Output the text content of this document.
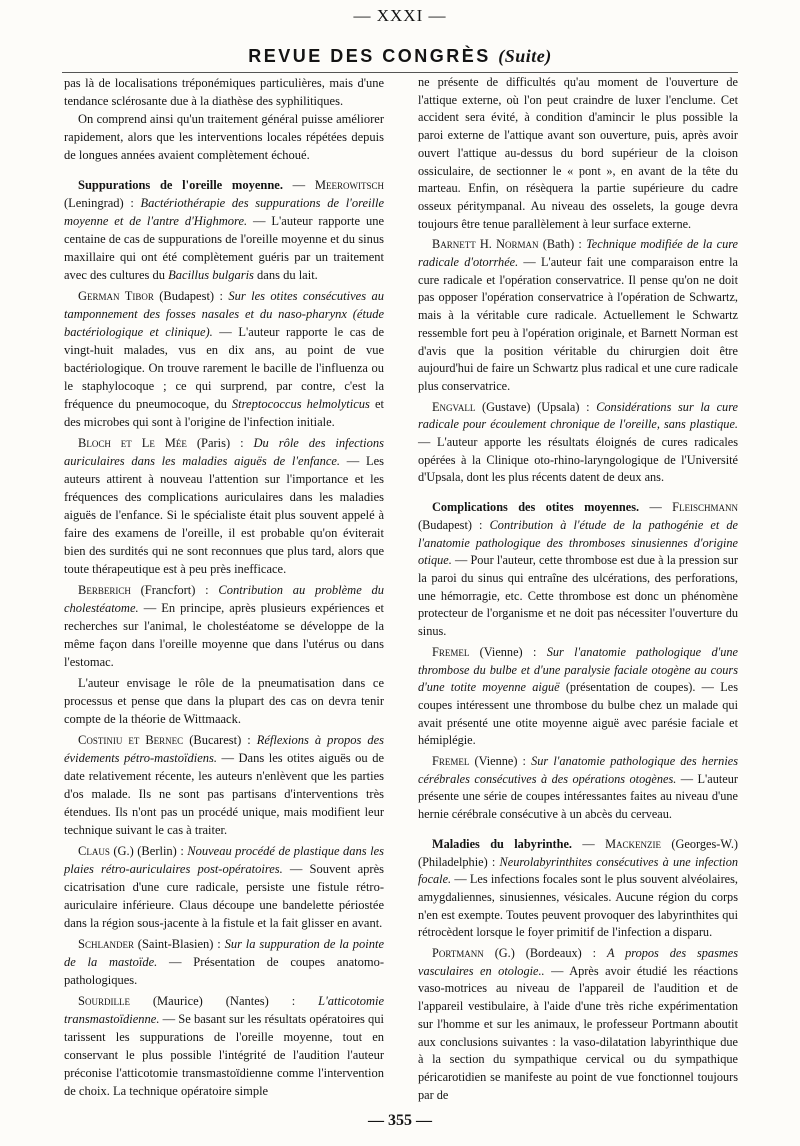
— XXXI —
REVUE DES CONGRÈS (Suite)

pas là de localisations tréponémiques particulières, mais d'une tendance sclérosante due à la diathèse des syphilitiques.

On comprend ainsi qu'un traitement général puisse améliorer rapidement, alors que les interventions locales répétées depuis de longues années avaient complètement échoué.

Suppurations de l'oreille moyenne. — Meerowitsch (Leningrad) : Bactériothérapie des suppurations de l'oreille moyenne et de l'antre d'Highmore. — L'auteur rapporte une centaine de cas de suppurations de l'oreille moyenne et du sinus maxillaire qui ont été complètement guéris par un traitement avec des cultures du Bacillus bulgaris dans du lait.

German Tibor (Budapest) : Sur les otites consécutives au tamponnement des fosses nasales et du naso-pharynx (étude bactériologique et clinique). — L'auteur rapporte le cas de vingt-huit malades, vus en dix ans, au point de vue bactériologique. On trouve rarement le bacille de l'influenza ou le staphylocoque ; ce qui surprend, par contre, c'est la fréquence du pneumocoque, du Streptococcus helmolyticus et des microbes qui sont à l'origine de l'infection initiale.

Bloch et Le Mée (Paris) : Du rôle des infections auriculaires dans les maladies aiguës de l'enfance. — Les auteurs attirent à nouveau l'attention sur l'importance et les fréquences des complications auriculaires dans les maladies aiguës de l'enfance. Si le spécialiste était plus souvent appelé à faire des examens de l'oreille, il est probable qu'on éviterait bien des surdités qui ne sont reconnues que plus tard, alors que toute thérapeutique est à peu près inefficace.

Berberich (Francfort) : Contribution au problème du cholestéatome. — En principe, après plusieurs expériences et recherches sur l'animal, le cholestéatome se développe de la même façon dans l'oreille moyenne que dans l'utérus ou dans l'estomac.

L'auteur envisage le rôle de la pneumatisation dans ce processus et pense que dans la plupart des cas on devra tenir compte de la théorie de Wittmaack.

Costiniu et Bernec (Bucarest) : Réflexions à propos des évidements pétro-mastoïdiens. — Dans les otites aiguës ou de date relativement récente, les auteurs n'enlèvent que les parties d'os malade. Ils ne sont pas partisans d'interventions très étendues. Ils n'ont pas un procédé unique, mais modifient leur technique suivant le cas à traiter.

Claus (G.) (Berlin) : Nouveau procédé de plastique dans les plaies rétro-auriculaires post-opératoires. — Souvent après cicatrisation d'une cure radicale, persiste une fistule rétro-auriculaire inférieure. Claus découpe une bandelette périostée dans la région sous-jacente à la fistule et la fait glisser en avant.

Schlander (Saint-Blasien) : Sur la suppuration de la pointe de la mastoïde. — Présentation de coupes anatomo-pathologiques.

Sourdille (Maurice) (Nantes) : L'atticotomie transmastoïdienne. — Se basant sur les résultats opératoires qui tarissent les suppurations de l'oreille moyenne, tout en conservant le plus possible l'intégrité de l'audition l'auteur préconise l'atticotomie transmastoïdienne comme l'intervention de choix. La technique opératoire simple

ne présente de difficultés qu'au moment de l'ouverture de l'attique externe, où l'on peut craindre de luxer l'enclume. Cet accident sera évité, à condition d'amincir le plus possible la paroi externe de l'attique avant son ouverture, puis, après avoir ouvert l'attique au-dessus du bord supérieur de la cloison ossiculaire, de sectionner le « pont », en avant de la tête du marteau. Enfin, on résèquera la partie supérieure du cadre osseux péritympanal. Au niveau des osselets, la gouge devra toujours être tenue parallèlement à leur surface externe.

Barnett H. Norman (Bath) : Technique modifiée de la cure radicale d'otorrhée. — L'auteur fait une comparaison entre la cure radicale et l'opération conservatrice. Il pense qu'on ne doit pas opposer l'opération conservatrice à l'opération de Schwartz, mais à la véritable cure radicale. Actuellement le Schwartz ressemble fort peu à l'opération originale, et Barnett Norman est d'avis que la position véritable du chirurgien doit être aujourd'hui de faire un Schwartz plus radical et une cure radicale plus conservatrice.

Engvall (Gustave) (Upsala) : Considérations sur la cure radicale pour écoulement chronique de l'oreille, sans plastique. — L'auteur apporte les résultats éloignés de cures radicales opérées à la Clinique oto-rhino-laryngologique de l'Université d'Upsala, dont les plus récents datent de deux ans.

Complications des otites moyennes. — Fleischmann (Budapest) : Contribution à l'étude de la pathogénie et de l'anatomie pathologique des thromboses sinusiennes d'origine otique. — Pour l'auteur, cette thrombose est due à la pression sur la paroi du sinus qui entraîne des ulcérations, des perforations, une hémorragie, etc. Cette thrombose est donc un phénomène protecteur de l'organisme et ne doit pas nécessiter l'ouverture du sinus.

Fremel (Vienne) : Sur l'anatomie pathologique d'une thrombose du bulbe et d'une paralysie faciale otogène au cours d'une totite moyenne aiguë (présentation de coupes). — Les coupes intéressent une thrombose du bulbe chez un malade qui avait présenté une otite moyenne aiguë avec parésie faciale et hémiplégie.

Fremel (Vienne) : Sur l'anatomie pathologique des hernies cérébrales consécutives à des opérations otogènes. — L'auteur présente une série de coupes intéressantes faites au niveau d'une hernie cérébrale consécutive à un abcès du cerveau.

Maladies du labyrinthe. — Mackenzie (Georges-W.) (Philadelphie) : Neurolabyrinthites consécutives à une infection focale. — Les infections focales sont le plus souvent alvéolaires, amygdaliennes, sinusiennes, vésicales. Aucune région du corps n'en est exempte. Toutes peuvent provoquer des labyrinthites qui rétrocèdent lorsque le foyer primitif de l'infection a disparu.

Portmann (G.) (Bordeaux) : A propos des spasmes vasculaires en otologie.. — Après avoir étudié les réactions vaso-motrices au niveau de l'appareil de l'audition et de l'appareil vestibulaire, à l'aide d'une très riche expérimentation sur l'homme et sur les animaux, le professeur Portmann aboutit aux conclusions suivantes : la vaso-dilatation labyrinthique due à la section du sympathique cervical ou du sympathique péricarotidien se manifeste au point de vue fonctionnel toujours par de

— 355 —
